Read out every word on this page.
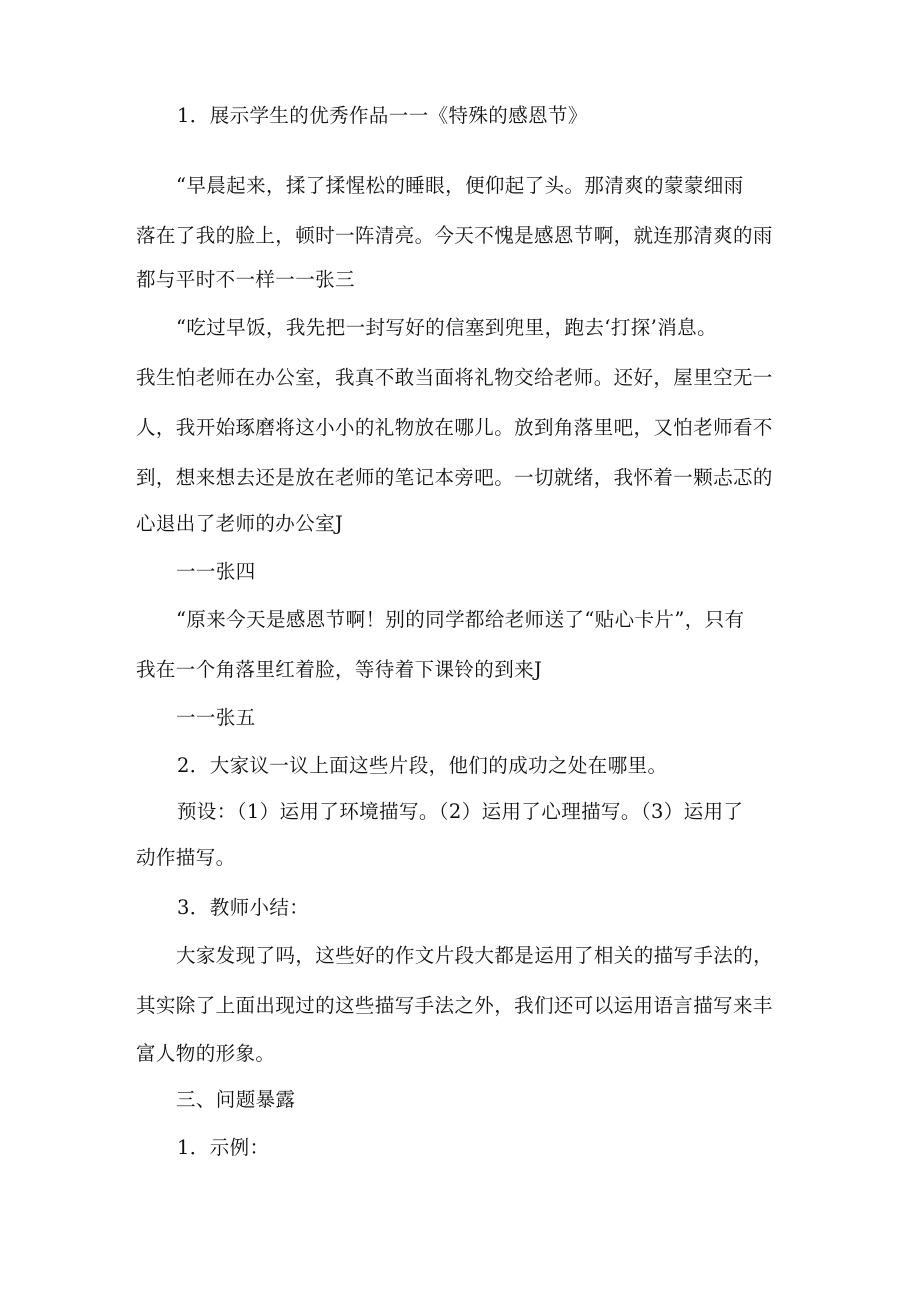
1．展示学生的优秀作品一一《特殊的感恩节》
“早晨起来，揉了揉惺松的睡眼，便仰起了头。那清爽的蒙蒙细雨
落在了我的脸上，顿时一阵清亮。今天不愧是感恩节啊，就连那清爽的雨
都与平时不一样一一张三
“吃过早饭，我先把一封写好的信塞到兜里，跑去‘打探’消息。
我生怕老师在办公室，我真不敢当面将礼物交给老师。还好，屋里空无一
人，我开始琢磨将这小小的礼物放在哪儿。放到角落里吧，又怕老师看不
到，想来想去还是放在老师的笔记本旁吧。一切就绪，我怀着一颗忐忑的
心退出了老师的办公室J
一一张四
“原来今天是感恩节啊！别的同学都给老师送了“贴心卡片”，只有
我在一个角落里红着脸，等待着下课铃的到来J
一一张五
2．大家议一议上面这些片段，他们的成功之处在哪里。
预设：（1）运用了环境描写。（2）运用了心理描写。（3）运用了
动作描写。
3．教师小结：
大家发现了吗，这些好的作文片段大都是运用了相关的描写手法的，
其实除了上面出现过的这些描写手法之外，我们还可以运用语言描写来丰
富人物的形象。
三、问题暴露
1．示例：
